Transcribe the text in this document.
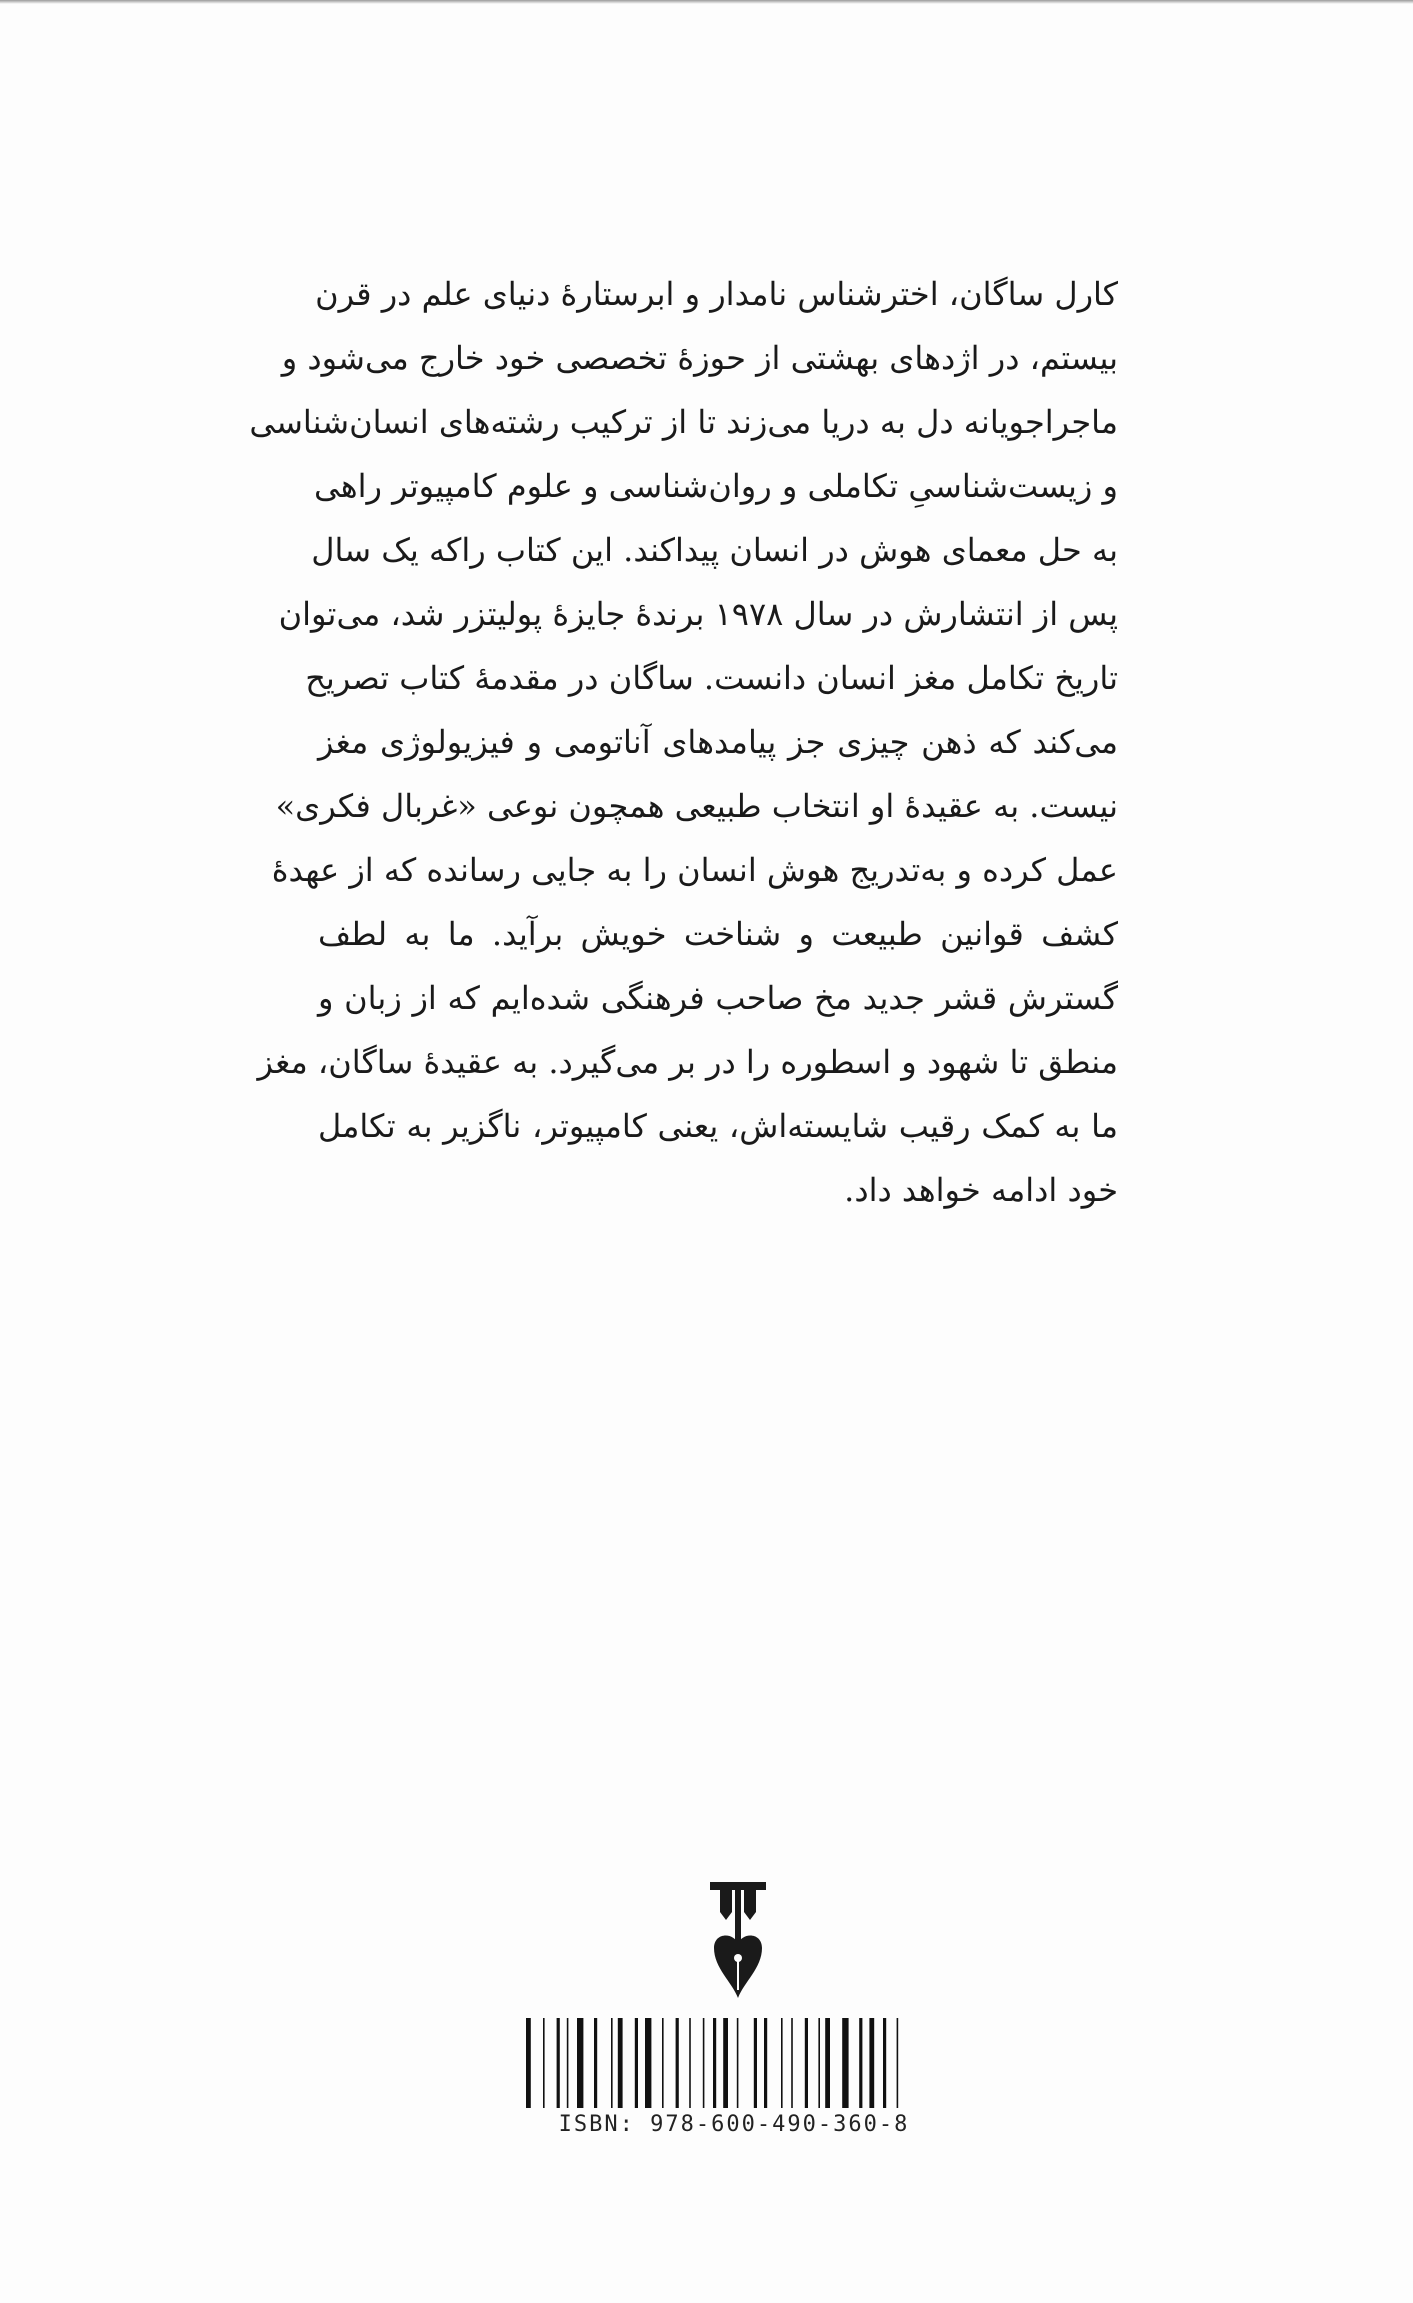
کارل ساگان، اخترشناس نامدار و ابرستارهٔ دنیای علم در قرن
بیستم، در اژدهای بهشتی از حوزهٔ تخصصی خود خارج می‌شود و
ماجراجویانه دل به دریا می‌زند تا از ترکیب رشته‌های انسان‌شناسی
و زیست‌شناسیِ تکاملی و روان‌شناسی و علوم کامپیوتر راهی
به حل معمای هوش در انسان پیداکند. این کتاب راکه یک سال
پس از انتشارش در سال ۱۹۷۸ برندهٔ جایزهٔ پولیتزر شد، می‌توان
تاریخ تکامل مغز انسان دانست. ساگان در مقدمهٔ کتاب تصریح
می‌کند که ذهن چیزی جز پیامدهای آناتومی و فیزیولوژی مغز
نیست. به عقیدهٔ او انتخاب طبیعی همچون نوعی «غربال فکری»
عمل کرده و به‌تدریج هوش انسان را به جایی رسانده که از عهدهٔ
کشف قوانین طبیعت و شناخت خویش برآید. ما به لطف
گسترش قشر جدید مخ صاحب فرهنگی شده‌ایم که از زبان و
منطق تا شهود و اسطوره را در بر می‌گیرد. به عقیدهٔ ساگان، مغز
ما به کمک رقیب شایسته‌اش، یعنی کامپیوتر، ناگزیر به تکامل
خود ادامه خواهد داد.
ISBN: 978-600-490-360-8
